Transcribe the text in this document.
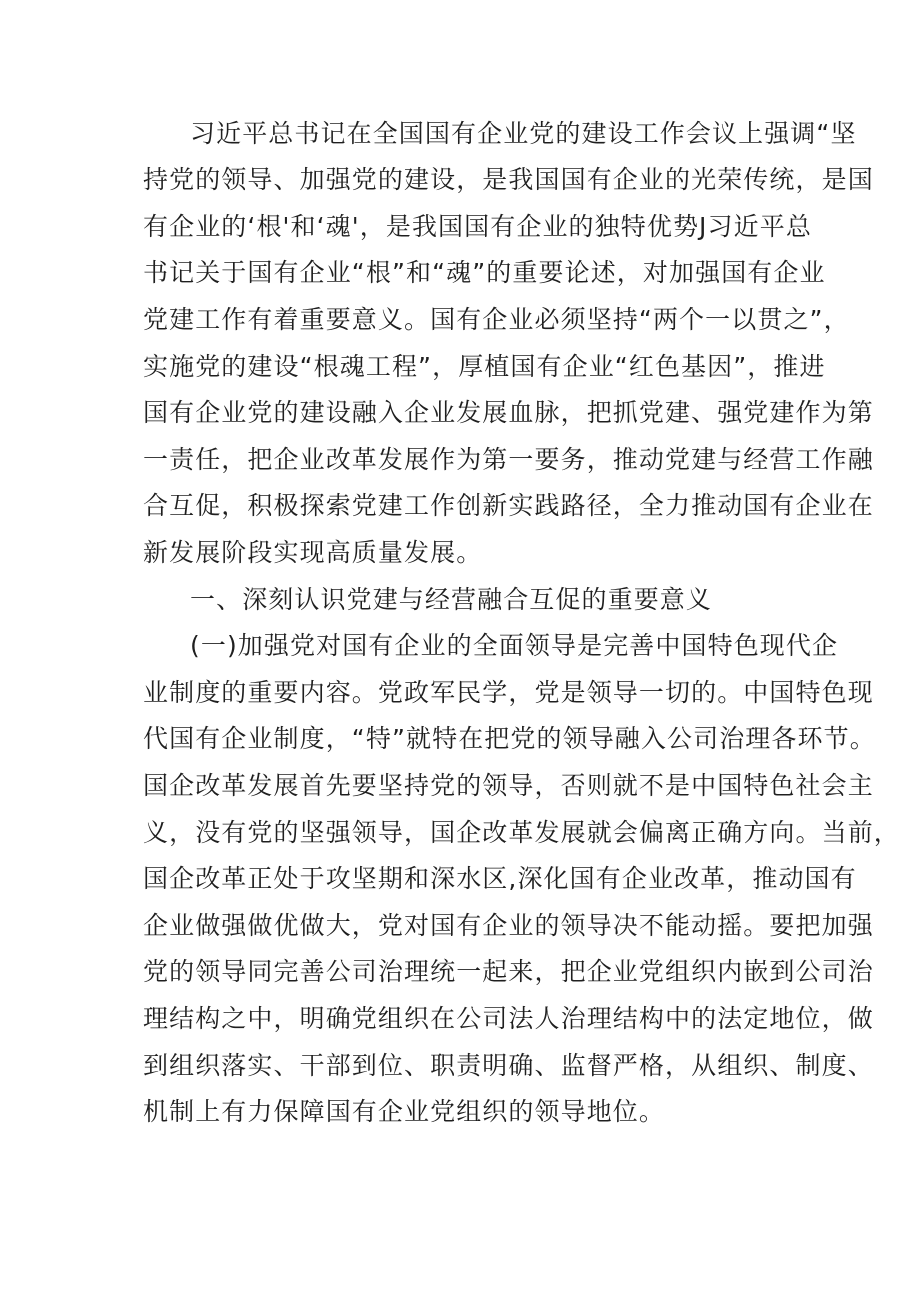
习近平总书记在全国国有企业党的建设工作会议上强调“坚
持党的领导、加强党的建设，是我国国有企业的光荣传统，是国
有企业的‘根'和‘魂'，是我国国有企业的独特优势J习近平总
书记关于国有企业“根”和“魂”的重要论述，对加强国有企业
党建工作有着重要意义。国有企业必须坚持“两个一以贯之”，
实施党的建设“根魂工程”，厚植国有企业“红色基因”，推进
国有企业党的建设融入企业发展血脉，把抓党建、强党建作为第
一责任，把企业改革发展作为第一要务，推动党建与经营工作融
合互促，积极探索党建工作创新实践路径，全力推动国有企业在
新发展阶段实现高质量发展。
一、深刻认识党建与经营融合互促的重要意义
(一)加强党对国有企业的全面领导是完善中国特色现代企
业制度的重要内容。党政军民学，党是领导一切的。中国特色现
代国有企业制度，“特”就特在把党的领导融入公司治理各环节。
国企改革发展首先要坚持党的领导，否则就不是中国特色社会主
义，没有党的坚强领导，国企改革发展就会偏离正确方向。当前，
国企改革正处于攻坚期和深水区,深化国有企业改革，推动国有
企业做强做优做大，党对国有企业的领导决不能动摇。要把加强
党的领导同完善公司治理统一起来，把企业党组织内嵌到公司治
理结构之中，明确党组织在公司法人治理结构中的法定地位，做
到组织落实、干部到位、职责明确、监督严格，从组织、制度、
机制上有力保障国有企业党组织的领导地位。
